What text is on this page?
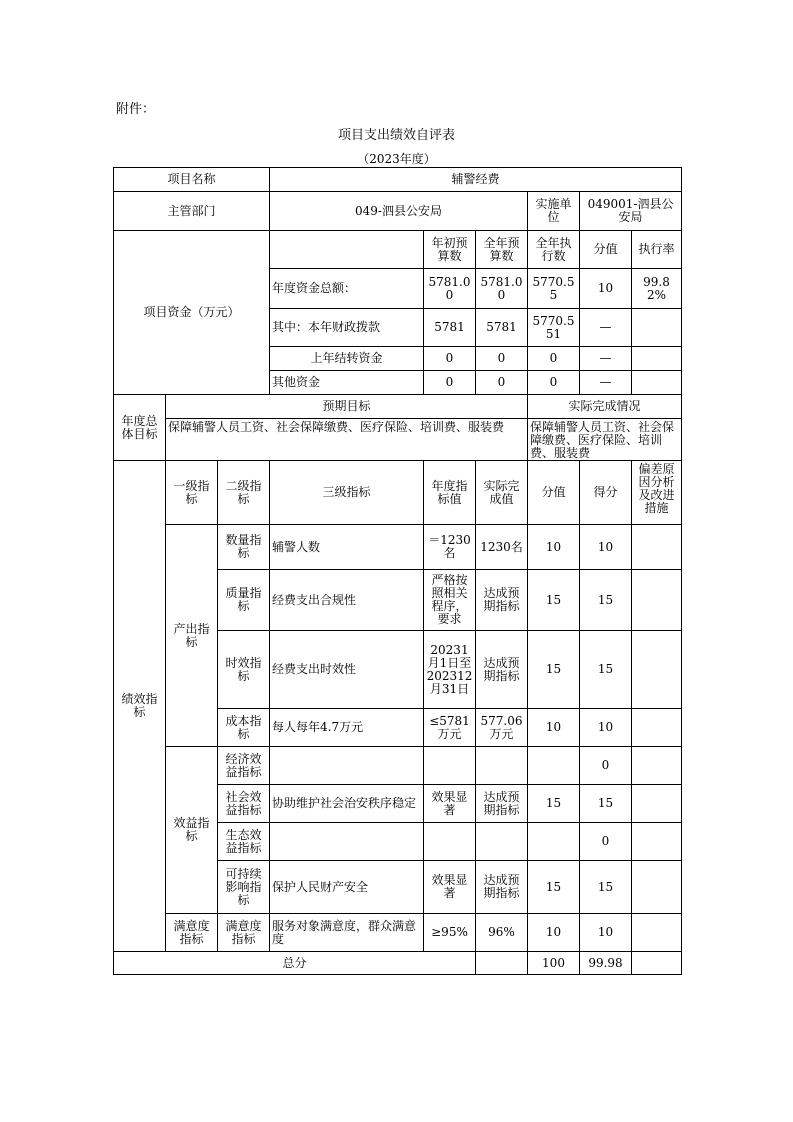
附件：
项目支出绩效自评表
（2023年度）
项目名称			辅警经费						
主管部门			049-泗县公安局			实施单位	049001-泗县公安局		
项目资金（万元）				年初预算数	全年预算数	全年执行数	分值	执行率	
			年度资金总额：	5781.00	5781.00	5770.55	10	99.82%	
			其中：本年财政拨款	5781	5781	5770.551	—		
			上年结转资金	0	0	0	—		
			其他资金	0	0	0	—		
年度总体目标	预期目标					实际完成情况			
	保障辅警人员工资、社会保障缴费、医疗保险、培训费、服装费					保障辅警人员工资、社会保障缴费、医疗保险、培训费、服装费			
绩效指标	一级指标	二级指标	三级指标	年度指标值	实际完成值	分值	得分	偏差原因分析及改进措施	
	产出指标	数量指标	辅警人数	＝1230名	1230名	10	10		
		质量指标	经费支出合规性	严格按照相关程序，要求	达成预期指标	15	15		
		时效指标	经费支出时效性	20231月1日至202312月31日	达成预期指标	15	15		
		成本指标	每人每年4.7万元	≤5781万元	577.06万元	10	10		
	效益指标	经济效益指标					0		
		社会效益指标	协助维护社会治安秩序稳定	效果显著	达成预期指标	15	15		
		生态效益指标					0		
		可持续影响指标	保护人民财产安全	效果显著	达成预期指标	15	15		
	满意度指标	满意度指标	服务对象满意度，群众满意度	≥95%	96%	10	10		
总分						100	99.98		
